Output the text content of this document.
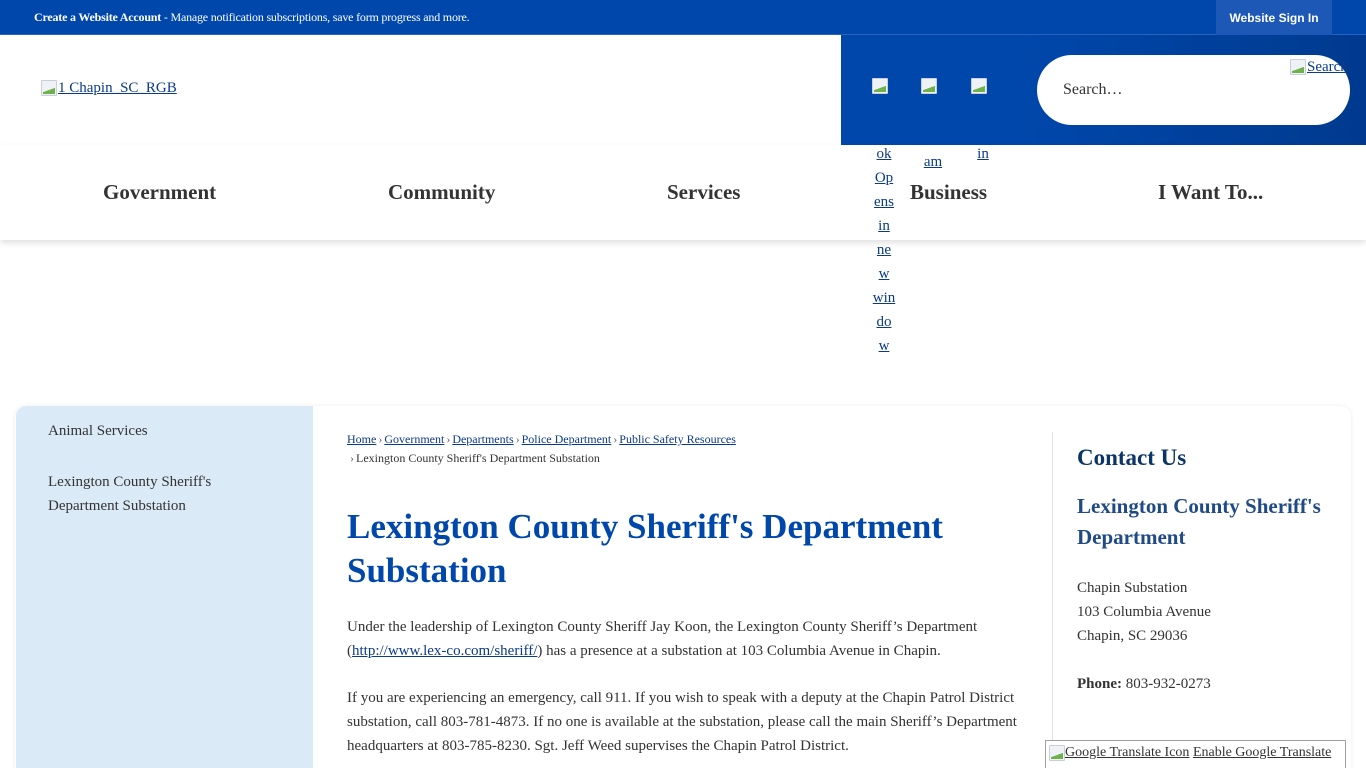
Create a Website Account - Manage notification subscriptions, save form progress and more.	Website Sign In
1 Chapin_SC_RGB
Search…
Search
Government	Community	Services	Business	I Want To...
ok
Op
ens
in
ne
w
win
do
w
am	in
Animal Services
Lexington County Sheriff's Department Substation
Home › Government › Departments › Police Department › Public Safety Resources
› Lexington County Sheriff's Department Substation
Lexington County Sheriff's Department Substation

Under the leadership of Lexington County Sheriff Jay Koon, the Lexington County Sheriff’s Department (http://www.lex-co.com/sheriff/) has a presence at a substation at 103 Columbia Avenue in Chapin.

If you are experiencing an emergency, call 911. If you wish to speak with a deputy at the Chapin Patrol District substation, call 803-781-4873. If no one is available at the substation, please call the main Sheriff’s Department headquarters at 803-785-8230. Sgt. Jeff Weed supervises the Chapin Patrol District.

Contact Us
Lexington County Sheriff's Department
Chapin Substation
103 Columbia Avenue
Chapin, SC 29036
Phone: 803-932-0273
Google Translate Icon
Enable Google Translate
